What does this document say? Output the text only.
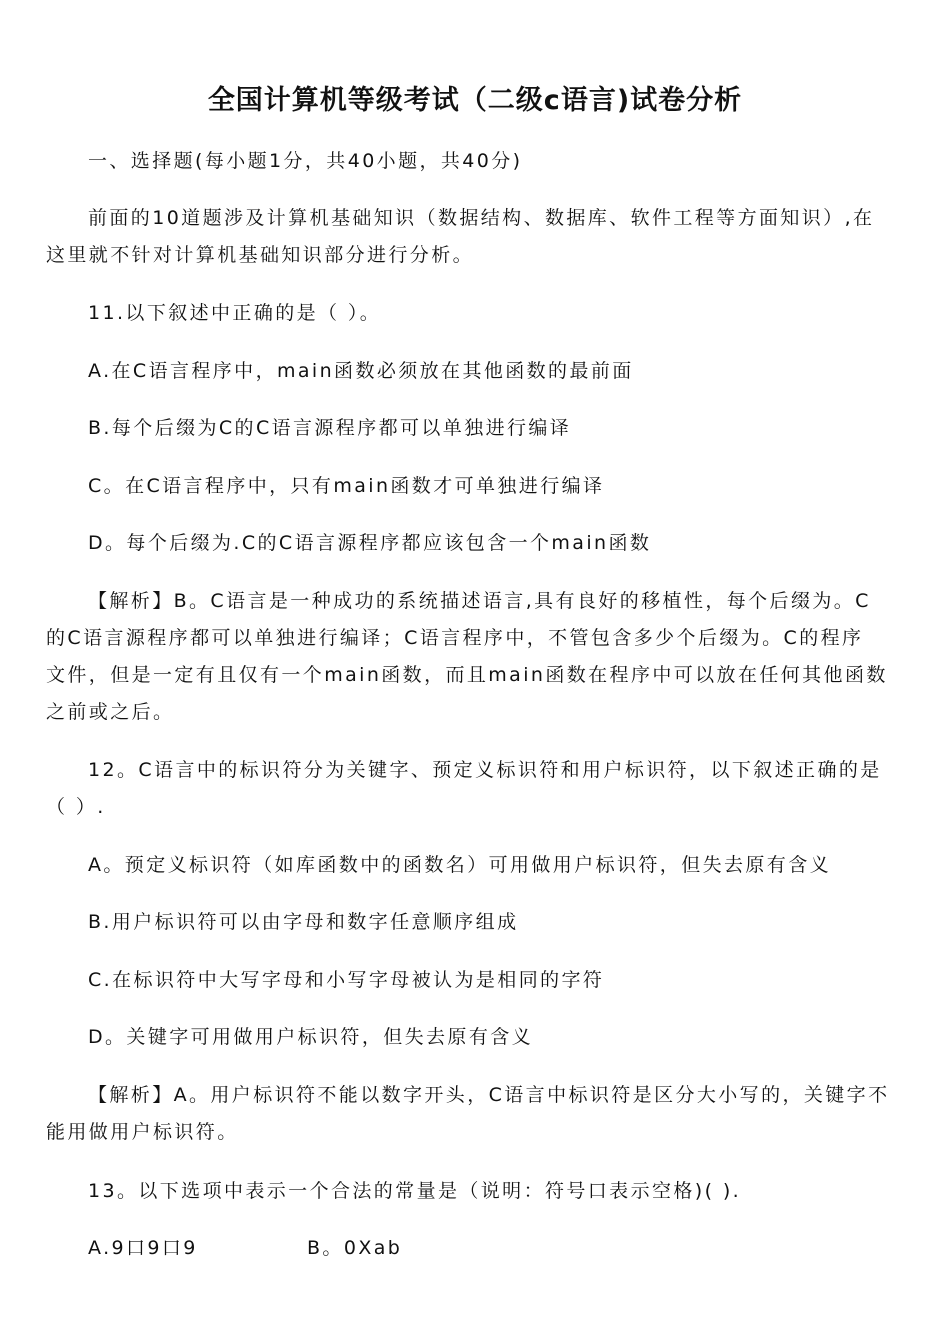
全国计算机等级考试（二级c语言)试卷分析
一、选择题(每小题1分，共40小题，共40分)
前面的10道题涉及计算机基础知识（数据结构、数据库、软件工程等方面知识）,在
这里就不针对计算机基础知识部分进行分析。
11.以下叙述中正确的是（ ）。
A.在C语言程序中，main函数必须放在其他函数的最前面
B.每个后缀为C的C语言源程序都可以单独进行编译
C。在C语言程序中，只有main函数才可单独进行编译
D。每个后缀为.C的C语言源程序都应该包含一个main函数
【解析】B。C语言是一种成功的系统描述语言,具有良好的移植性，每个后缀为。C
的C语言源程序都可以单独进行编译；C语言程序中，不管包含多少个后缀为。C的程序
文件，但是一定有且仅有一个main函数，而且main函数在程序中可以放在任何其他函数
之前或之后。
12。C语言中的标识符分为关键字、预定义标识符和用户标识符，以下叙述正确的是
（ ）.
A。预定义标识符（如库函数中的函数名）可用做用户标识符，但失去原有含义
B.用户标识符可以由字母和数字任意顺序组成
C.在标识符中大写字母和小写字母被认为是相同的字符
D。关键字可用做用户标识符，但失去原有含义
【解析】A。用户标识符不能以数字开头，C语言中标识符是区分大小写的，关键字不
能用做用户标识符。
13。以下选项中表示一个合法的常量是（说明：符号口表示空格)( ).
A.9口9口9	B。0Xab
